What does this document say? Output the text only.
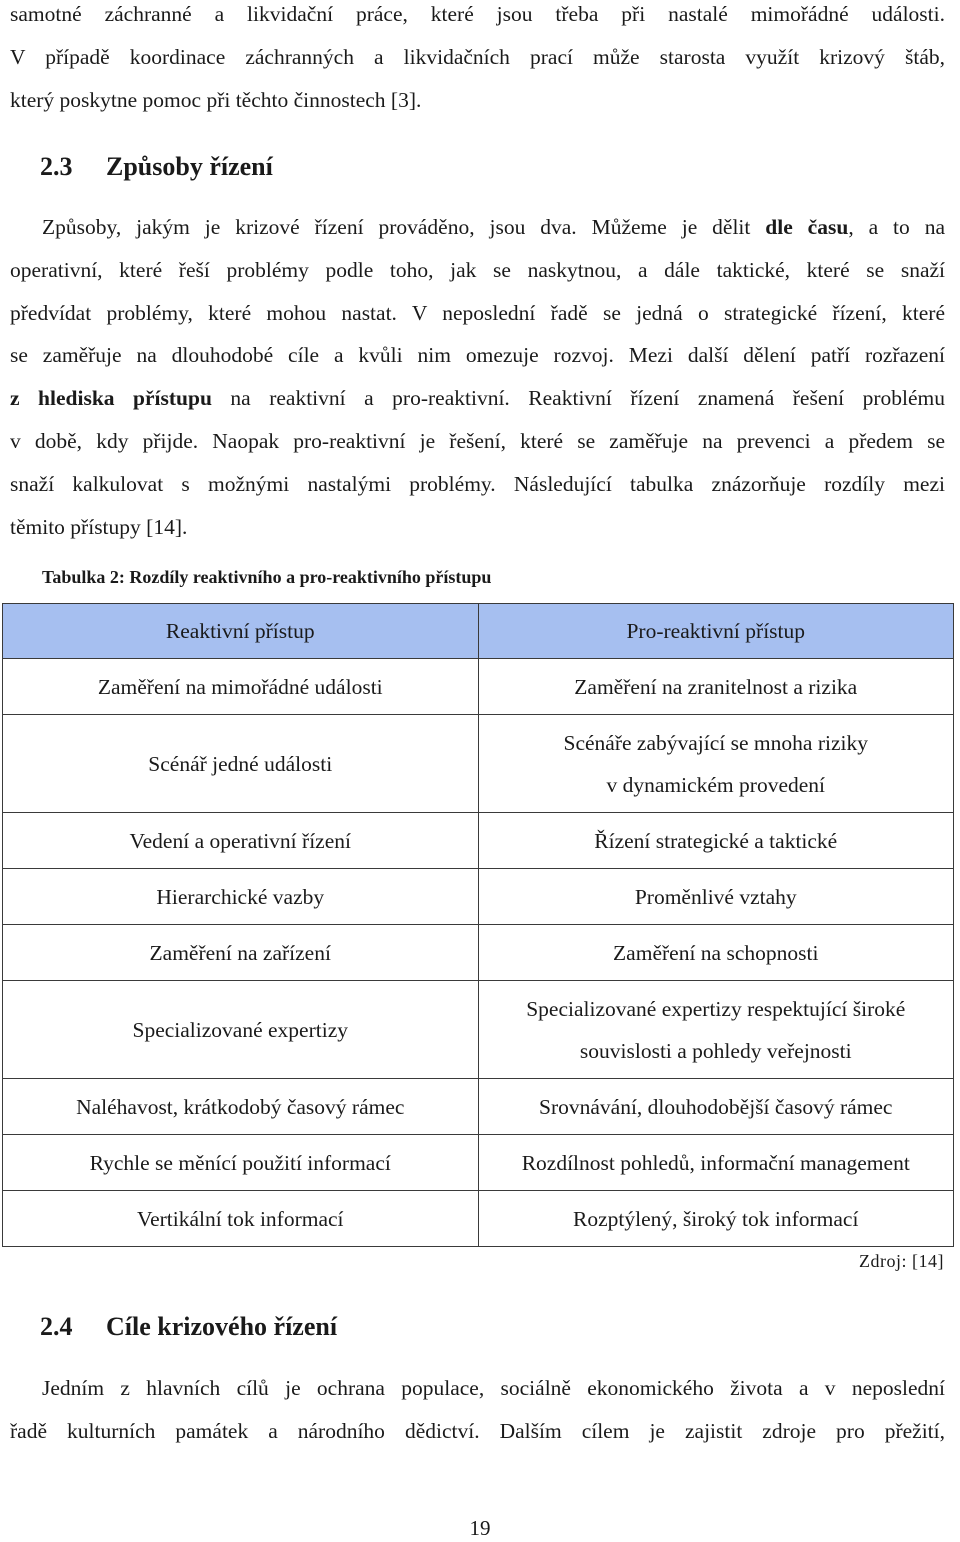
samotné záchranné a likvidační práce, které jsou třeba při nastalé mimořádné události.
V případě koordinace záchranných a likvidačních prací může starosta využít krizový štáb,
který poskytne pomoc při těchto činnostech [3].
2.3 Způsoby řízení
Způsoby, jakým je krizové řízení prováděno, jsou dva. Můžeme je dělit dle času, a to na
operativní, které řeší problémy podle toho, jak se naskytnou, a dále taktické, které se snaží
předvídat problémy, které mohou nastat. V neposlední řadě se jedná o strategické řízení, které
se zaměřuje na dlouhodobé cíle a kvůli nim omezuje rozvoj. Mezi další dělení patří rozřazení
z hlediska přístupu na reaktivní a pro-reaktivní. Reaktivní řízení znamená řešení problému
v době, kdy přijde. Naopak pro-reaktivní je řešení, které se zaměřuje na prevenci a předem se
snaží kalkulovat s možnými nastalými problémy. Následující tabulka znázorňuje rozdíly mezi
těmito přístupy [14].
Tabulka 2: Rozdíly reaktivního a pro-reaktivního přístupu
Reaktivní přístup	Pro-reaktivní přístup
Zaměření na mimořádné události	Zaměření na zranitelnost a rizika
Scénář jedné události	Scénáře zabývající se mnoha riziky
v dynamickém provedení
Vedení a operativní řízení	Řízení strategické a taktické
Hierarchické vazby	Proměnlivé vztahy
Zaměření na zařízení	Zaměření na schopnosti
Specializované expertizy	Specializované expertizy respektující široké
souvislosti a pohledy veřejnosti
Naléhavost, krátkodobý časový rámec	Srovnávání, dlouhodobější časový rámec
Rychle se měnící použití informací	Rozdílnost pohledů, informační management
Vertikální tok informací	Rozptýlený, široký tok informací
Zdroj: [14]
2.4 Cíle krizového řízení
Jedním z hlavních cílů je ochrana populace, sociálně ekonomického života a v neposlední
řadě kulturních památek a národního dědictví. Dalším cílem je zajistit zdroje pro přežití,
19
